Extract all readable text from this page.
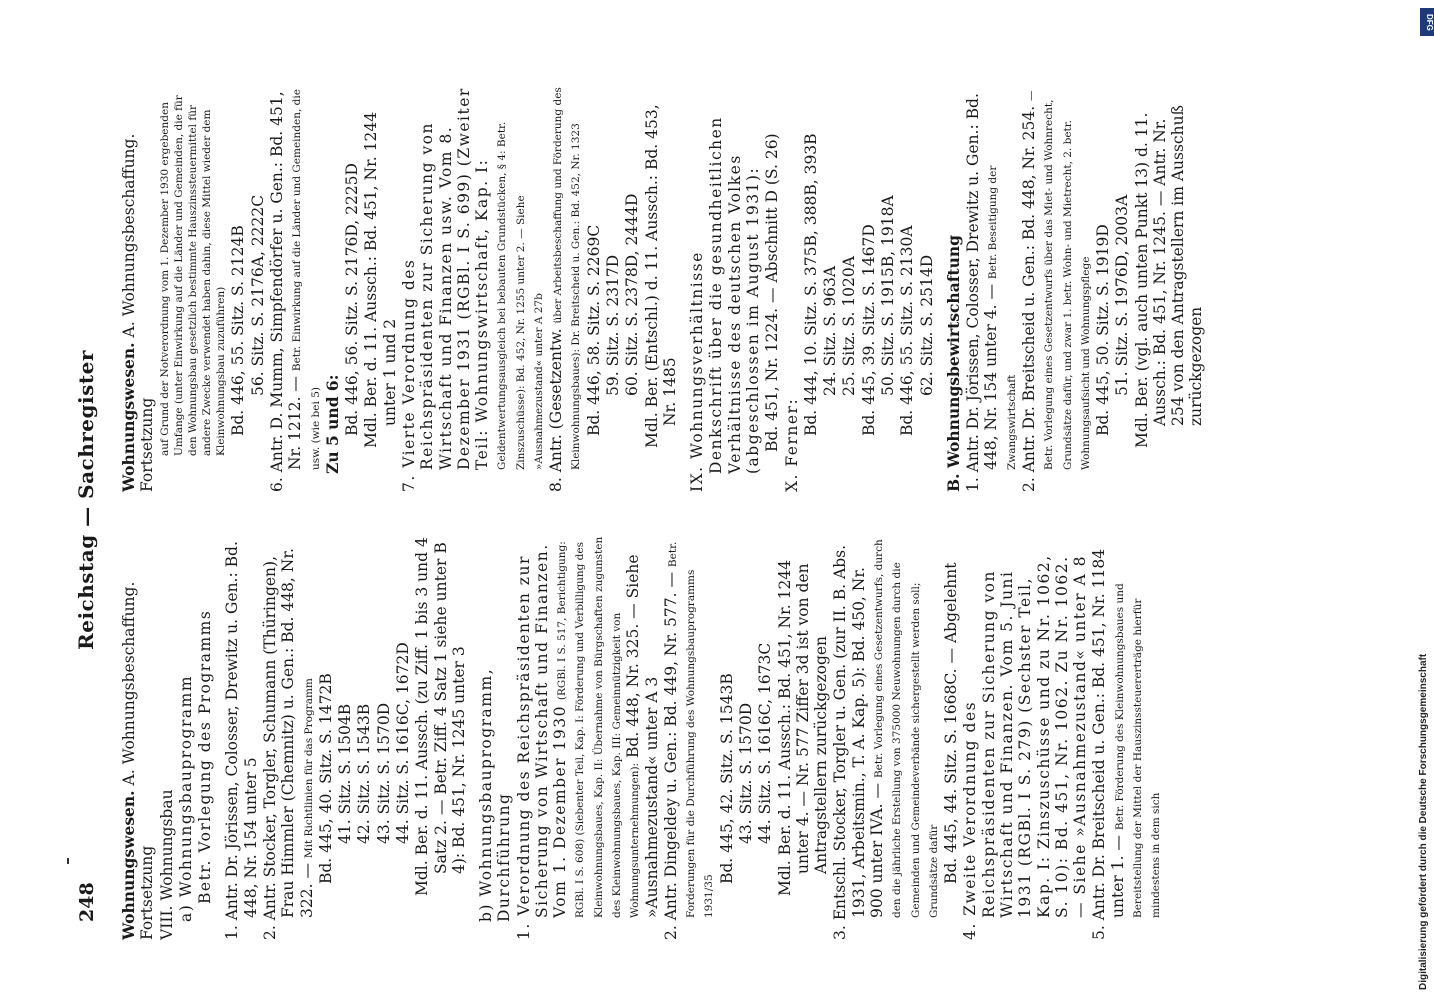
248
Reichstag — Sachregister

Wohnungswesen. A. Wohnungsbeschaffung. Fortsetzung VIII. Wohnungsbau a) Wohnungsbauprogramm Betr. Vorlegung des Programms 1. Antr. Dr. Jörissen, Colosser, Drewitz u. Gen.: Bd. 448, Nr. 154 unter 5 2. Antr. Stocker, Torgler, Schumann (Thüringen), Frau Himmler (Chemnitz) u. Gen.: Bd. 448, Nr. 322. — Mit Richtlinien für das Programm Bd. 445, 40. Sitz. S. 1472B 41. Sitz. S. 1504B 42. Sitz. S. 1543B 43. Sitz. S. 1570D 44. Sitz. S. 1616C, 1672D Mdl. Ber. d. 11. Aussch. (zu Ziff. 1 bis 3 und 4 Satz 2. — Betr. Ziff. 4 Satz 1 siehe unter B 4): Bd. 451, Nr. 1245 unter 3 b) Wohnungsbauprogramm, Durchführung 1. Verordnung des Reichspräsidenten zur Sicherung von Wirtschaft und Finanzen. Vom 1. Dezember 1930 (RGBl. I S. 517, Berichtigung: RGBl. I S. 608) (Siebenter Teil, Kap. I: Förderung und Verbilligung des Kleinwohnungsbaues, Kap. II: Übernahme von Bürgschaften zugunsten des Kleinwohnungsbaues, Kap. III: Gemeinnützigkeit von Wohnungsunternehmungen): Bd. 448, Nr. 325. — Siehe »Ausnahmezustand« unter A 3 2. Antr. Dingeldey u. Gen.: Bd. 449, Nr. 577. — Betr. Forderungen für die Durchführung des Wohnungsbauprogramms 1931/35

Bd. 445, 42. Sitz. S. 1543B 43. Sitz. S. 1570D 44. Sitz. S. 1616C, 1673C Mdl. Ber. d. 11. Aussch.: Bd. 451, Nr. 1244 unter 4. — Nr. 577 Ziffer 3d ist von den Antragstellern zurückgezogen 3. Entschl. Stocker, Torgler u. Gen. (zur II. B. Abs. 1931, Arbeitsmin., T. A. Kap. 5): Bd. 450, Nr. 900 unter IVA. — Betr. Vorlegung eines Gesetzentwurfs, durch den die jährliche Erstellung von 375000 Neuwohnungen durch die Gemeinden und Gemeindeverbände sichergestellt werden soll; Grundsätze dafür Bd. 445, 44. Sitz. S. 1668C. — Abgelehnt 4. Zweite Verordnung des Reichspräsidenten zur Sicherung von Wirtschaft und Finanzen. Vom 5. Juni 1931 (RGBl. I S. 279) (Sechster Teil, Kap. I: Zinszuschüsse und zu Nr. 1062, S. 10): Bd. 451, Nr. 1062. Zu Nr. 1062. — Siehe »Ausnahmezustand« unter A 8 5. Antr. Dr. Breitscheid u. Gen.: Bd. 451, Nr. 1184 unter 1. — Betr. Förderung des Kleinwohnungsbaues und Bereitstellung der Mittel der Hauszinssteuererträge hierfür mindestens in dem sich

Wohnungswesen. A. Wohnungsbeschaffung. Fortsetzung auf Grund der Notverordnung vom 1. Dezember 1930 ergebenden Umfange (unter Einwirkung auf die Länder und Gemeinden, die für den Wohnungsbau gesetzlich bestimmte Hauszinssteuermittel für andere Zwecke verwendet haben dahin, diese Mittel wieder dem Kleinwohnungsbau zuzuführen) Bd. 446, 55. Sitz. S. 2124B 56. Sitz. S. 2176A, 2222C 6. Antr. D. Mumm, Simpfendörfer u. Gen.: Bd. 451, Nr. 1212. — Betr. Einwirkung auf die Länder und Gemeinden, die usw. (wie bei 5) Zu 5 und 6: Bd. 446, 56. Sitz. S. 2176D, 2225D Mdl. Ber. d. 11. Aussch.: Bd. 451, Nr. 1244 unter 1 und 2 7. Vierte Verordnung des Reichspräsidenten zur Sicherung von Wirtschaft und Finanzen usw. Vom 8. Dezember 1931 (RGBl. I S. 699) (Zweiter Teil: Wohnungswirtschaft, Kap. I: Geldentwertungsausgleich bei bebauten Grundstücken, § 4: Betr. Zinszuschüsse): Bd. 452, Nr. 1255 unter 2. — Siehe »Ausnahmezustand« unter A 27b 8. Antr. (Gesetzentw. über Arbeitsbeschaffung und Förderung des Kleinwohnungsbaues): Dr. Breitscheid u. Gen.: Bd. 452, Nr. 1323 Bd. 446, 58. Sitz. S. 2269C 59. Sitz. S. 2317D 60. Sitz. S. 2378D, 2444D Mdl. Ber. (Entschl.) d. 11. Aussch.: Bd. 453, Nr. 1485 IX. Wohnungsverhältnisse Denkschrift über die gesundheitlichen Verhältnisse des deutschen Volkes (abgeschlossen im August 1931): Bd. 451, Nr. 1224. — Abschnitt D (S. 26) X. Ferner:

Bd. 444, 10. Sitz. S. 375B, 388B, 393B 24. Sitz. S. 963A 25. Sitz. S. 1020A Bd. 445, 39. Sitz. S. 1467D 50. Sitz. S. 1915B, 1918A Bd. 446, 55. Sitz. S. 2130A 62. Sitz. S. 2514D B. Wohnungsbewirtschaftung 1. Antr. Dr. Jörissen, Colosser, Drewitz u. Gen.: Bd. 448, Nr. 154 unter 4. — Betr. Beseitigung der Zwangswirtschaft 2. Antr. Dr. Breitscheid u. Gen.: Bd. 448, Nr. 254. — Betr. Vorlegung eines Gesetzentwurfs über das Miet- und Wohnrecht, Grundsätze dafür, und zwar 1. betr. Wohn- und Mietrecht, 2. betr. Wohnungsaufsicht und Wohnungspflege Bd. 445, 50. Sitz. S. 1919D 51. Sitz. S. 1976D, 2003A Mdl. Ber. (vgl. auch unten Punkt 13) d. 11. Aussch.: Bd. 451, Nr. 1245. — Antr. Nr. 254 von den Antragstellern im Ausschuß zurückgezogen

DFG
Digitalisierung gefördert durch die Deutsche Forschungsgemeinschaft
